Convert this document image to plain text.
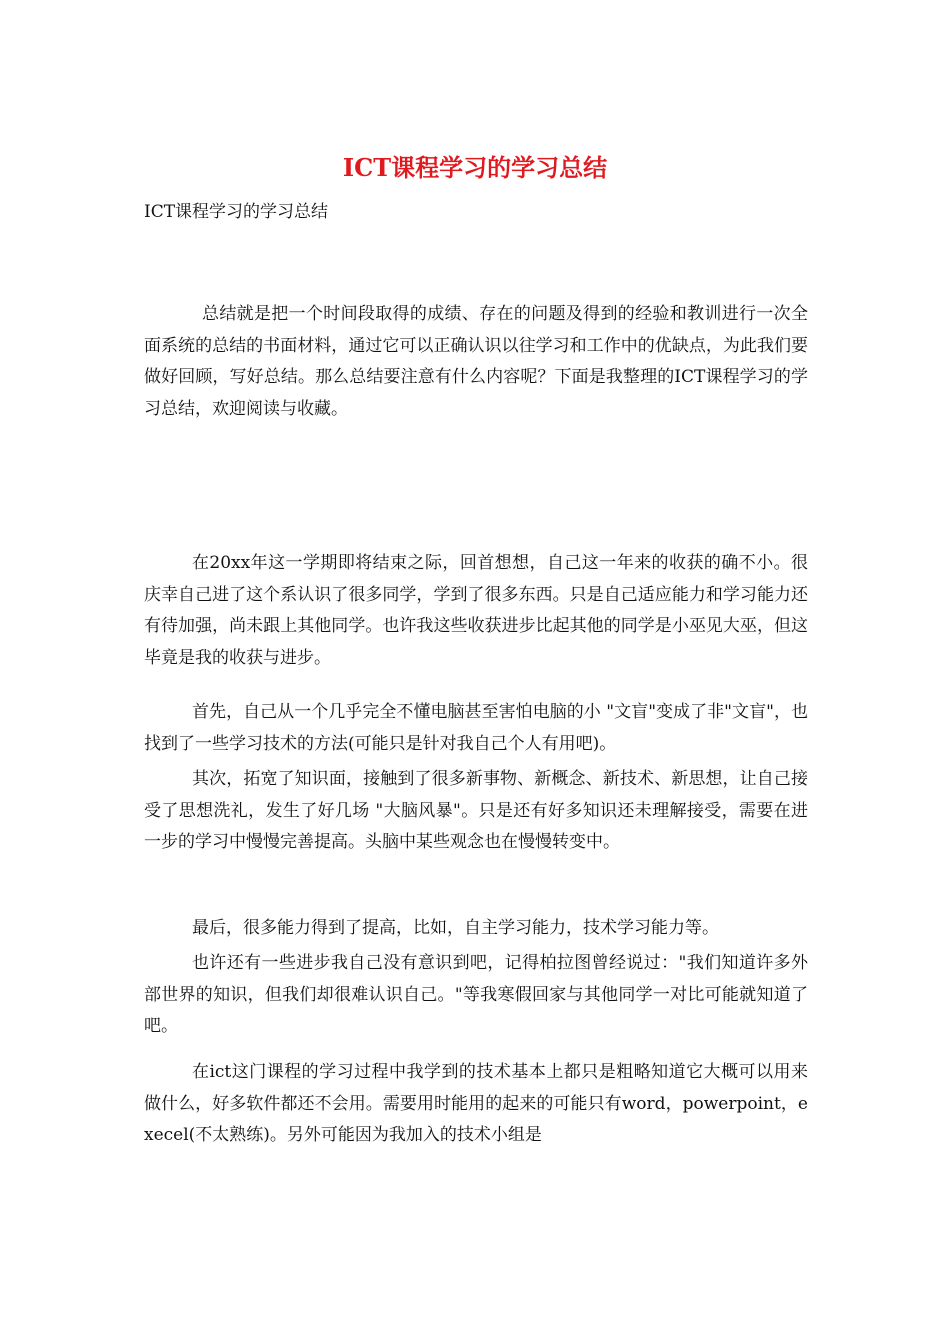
ICT课程学习的学习总结
ICT课程学习的学习总结

总结就是把一个时间段取得的成绩、存在的问题及得到的经验和教训进行一次全面系统的总结的书面材料，通过它可以正确认识以往学习和工作中的优缺点，为此我们要做好回顾，写好总结。那么总结要注意有什么内容呢？下面是我整理的ICT课程学习的学习总结，欢迎阅读与收藏。

在20xx年这一学期即将结束之际，回首想想，自己这一年来的收获的确不小。很庆幸自己进了这个系认识了很多同学，学到了很多东西。只是自己适应能力和学习能力还有待加强，尚未跟上其他同学。也许我这些收获进步比起其他的同学是小巫见大巫，但这毕竟是我的收获与进步。

首先，自己从一个几乎完全不懂电脑甚至害怕电脑的小 "文盲"变成了非"文盲"，也找到了一些学习技术的方法(可能只是针对我自己个人有用吧)。

其次，拓宽了知识面，接触到了很多新事物、新概念、新技术、新思想，让自己接受了思想洗礼，发生了好几场 "大脑风暴"。只是还有好多知识还未理解接受，需要在进一步的学习中慢慢完善提高。头脑中某些观念也在慢慢转变中。

最后，很多能力得到了提高，比如，自主学习能力，技术学习能力等。

也许还有一些进步我自己没有意识到吧，记得柏拉图曾经说过："我们知道许多外部世界的知识，但我们却很难认识自己。"等我寒假回家与其他同学一对比可能就知道了吧。

在ict这门课程的学习过程中我学到的技术基本上都只是粗略知道它大概可以用来做什么，好多软件都还不会用。需要用时能用的起来的可能只有word，powerpoint，execel(不太熟练)。另外可能因为我加入的技术小组是
